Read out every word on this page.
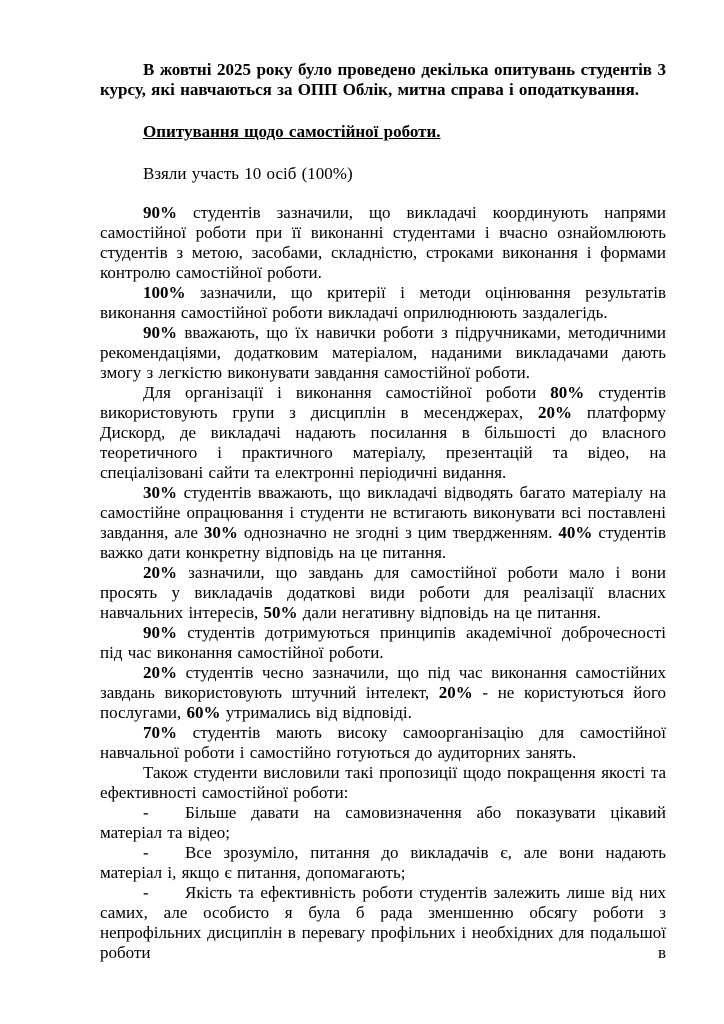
В жовтні 2025 року було проведено декілька опитувань студентів 3 курсу, які навчаються за ОПП Облік, митна справа і оподаткування.

Опитування щодо самостійної роботи.

Взяли участь 10 осіб (100%)

90% студентів зазначили, що викладачі координують напрями самостійної роботи при її виконанні студентами і вчасно ознайомлюють студентів з метою, засобами, складністю, строками виконання і формами контролю самостійної роботи.

100% зазначили, що критерії і методи оцінювання результатів виконання самостійної роботи викладачі оприлюднюють заздалегідь.

90% вважають, що їх навички роботи з підручниками, методичними рекомендаціями, додатковим матеріалом, наданими викладачами дають змогу з легкістю виконувати завдання самостійної роботи.

Для організації і виконання самостійної роботи 80% студентів використовують групи з дисциплін в месенджерах, 20% платформу Дискорд, де викладачі надають посилання в більшості до власного теоретичного і практичного матеріалу, презентацій та відео, на спеціалізовані сайти та електронні періодичні видання.

30% студентів вважають, що викладачі відводять багато матеріалу на самостійне опрацювання і студенти не встигають виконувати всі поставлені завдання, але 30% однозначно не згодні з цим твердженням. 40% студентів важко дати конкретну відповідь на це питання.

20% зазначили, що завдань для самостійної роботи мало і вони просять у викладачів додаткові види роботи для реалізації власних навчальних інтересів, 50% дали негативну відповідь на це питання.

90% студентів дотримуються принципів академічної доброчесності під час виконання самостійної роботи.

20% студентів чесно зазначили, що під час виконання самостійних завдань використовують штучний інтелект, 20% - не користуються його послугами, 60% утримались від відповіді.

70% студентів мають високу самоорганізацію для самостійної навчальної роботи і самостійно готуються до аудиторних занять.

Також студенти висловили такі пропозиції щодо покращення якості та ефективності самостійної роботи:

- Більше давати на самовизначення або показувати цікавий матеріал та відео;

- Все зрозуміло, питання до викладачів є, але вони надають матеріал і, якщо є питання, допомагають;

- Якість та ефективність роботи студентів залежить лише від них самих, але особисто я була б рада зменшенню обсягу роботи з непрофільних дисциплін в перевагу профільних і необхідних для подальшої роботи в
